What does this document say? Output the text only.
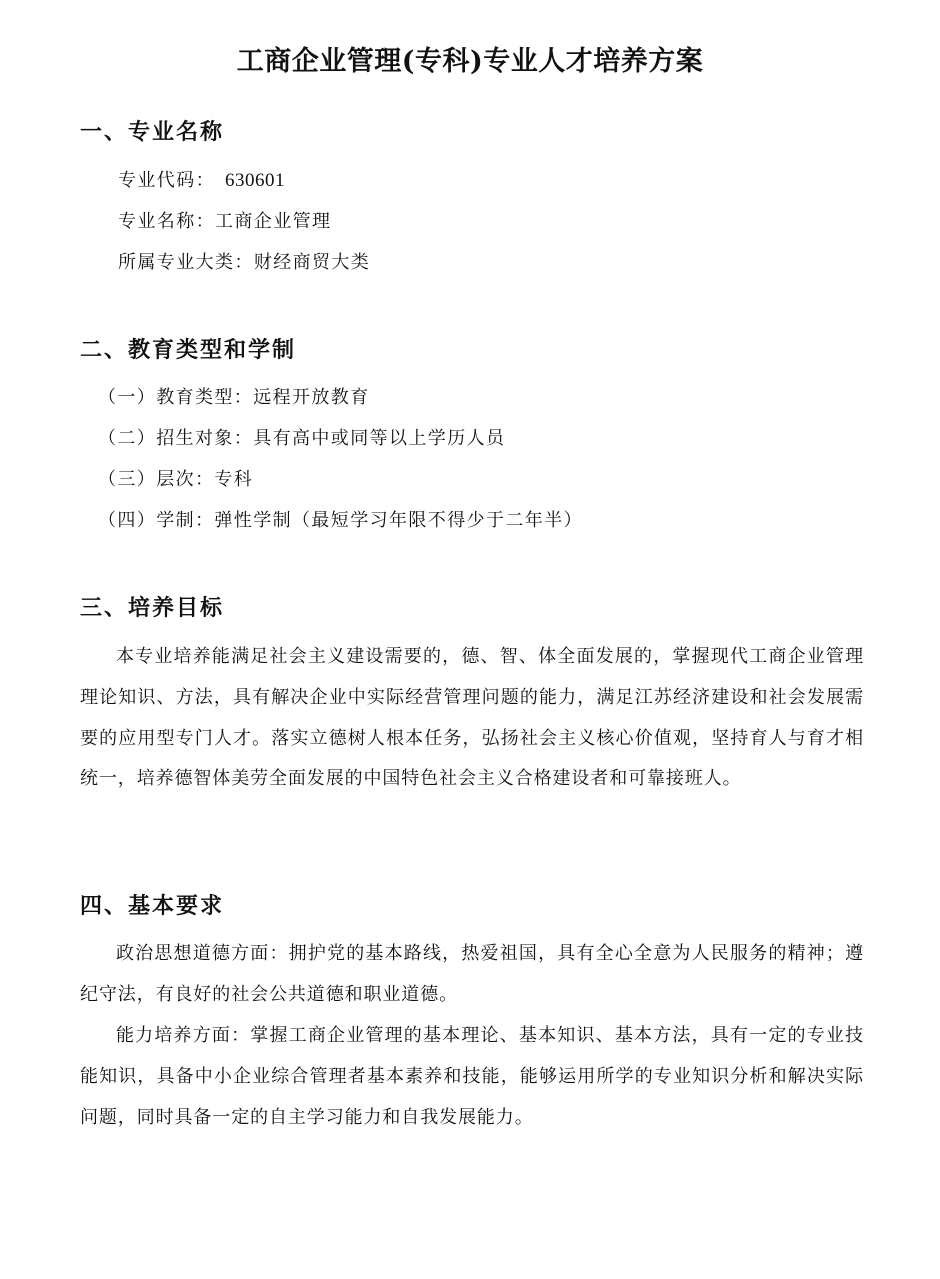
工商企业管理(专科)专业人才培养方案
一、专业名称
专业代码： 630601
专业名称：工商企业管理
所属专业大类：财经商贸大类
二、教育类型和学制
（一）教育类型：远程开放教育
（二）招生对象：具有高中或同等以上学历人员
（三）层次：专科
（四）学制：弹性学制（最短学习年限不得少于二年半）
三、培养目标
本专业培养能满足社会主义建设需要的，德、智、体全面发展的，掌握现代工商企业管理理论知识、方法，具有解决企业中实际经营管理问题的能力，满足江苏经济建设和社会发展需要的应用型专门人才。落实立德树人根本任务，弘扬社会主义核心价值观，坚持育人与育才相统一，培养德智体美劳全面发展的中国特色社会主义合格建设者和可靠接班人。
四、基本要求
政治思想道德方面：拥护党的基本路线，热爱祖国，具有全心全意为人民服务的精神；遵纪守法，有良好的社会公共道德和职业道德。
能力培养方面：掌握工商企业管理的基本理论、基本知识、基本方法，具有一定的专业技能知识，具备中小企业综合管理者基本素养和技能，能够运用所学的专业知识分析和解决实际问题，同时具备一定的自主学习能力和自我发展能力。
